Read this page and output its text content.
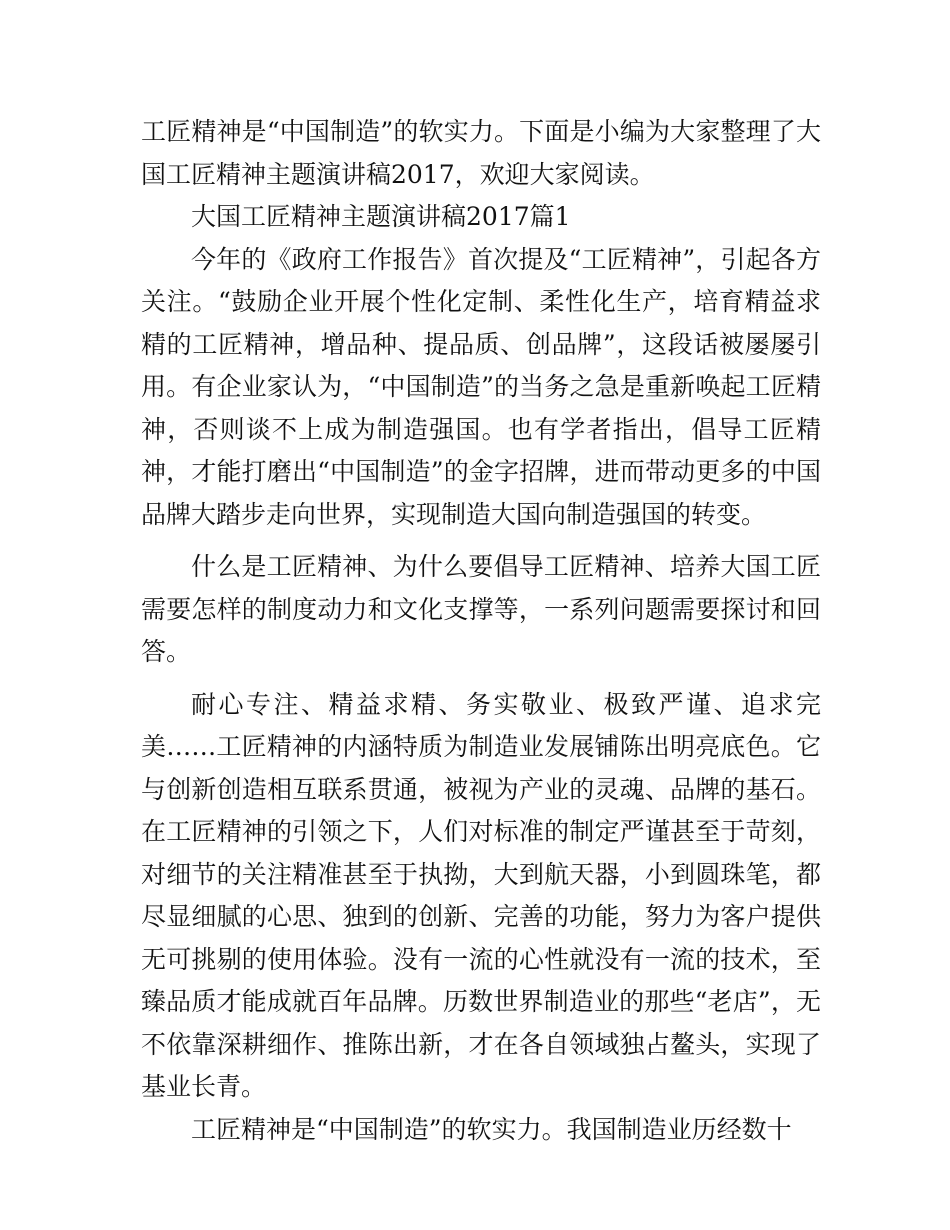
工匠精神是“中国制造”的软实力。下面是小编为大家整理了大国工匠精神主题演讲稿2017，欢迎大家阅读。

大国工匠精神主题演讲稿2017篇1

今年的《政府工作报告》首次提及“工匠精神”，引起各方关注。“鼓励企业开展个性化定制、柔性化生产，培育精益求精的工匠精神，增品种、提品质、创品牌”，这段话被屡屡引用。有企业家认为，“中国制造”的当务之急是重新唤起工匠精神，否则谈不上成为制造强国。也有学者指出，倡导工匠精神，才能打磨出“中国制造”的金字招牌，进而带动更多的中国品牌大踏步走向世界，实现制造大国向制造强国的转变。

什么是工匠精神、为什么要倡导工匠精神、培养大国工匠需要怎样的制度动力和文化支撑等，一系列问题需要探讨和回答。

耐心专注、精益求精、务实敬业、极致严谨、追求完美……工匠精神的内涵特质为制造业发展铺陈出明亮底色。它与创新创造相互联系贯通，被视为产业的灵魂、品牌的基石。在工匠精神的引领之下，人们对标准的制定严谨甚至于苛刻，对细节的关注精准甚至于执拗，大到航天器，小到圆珠笔，都尽显细腻的心思、独到的创新、完善的功能，努力为客户提供无可挑剔的使用体验。没有一流的心性就没有一流的技术，至臻品质才能成就百年品牌。历数世界制造业的那些“老店”，无不依靠深耕细作、推陈出新，才在各自领域独占鳌头，实现了基业长青。

工匠精神是“中国制造”的软实力。我国制造业历经数十
